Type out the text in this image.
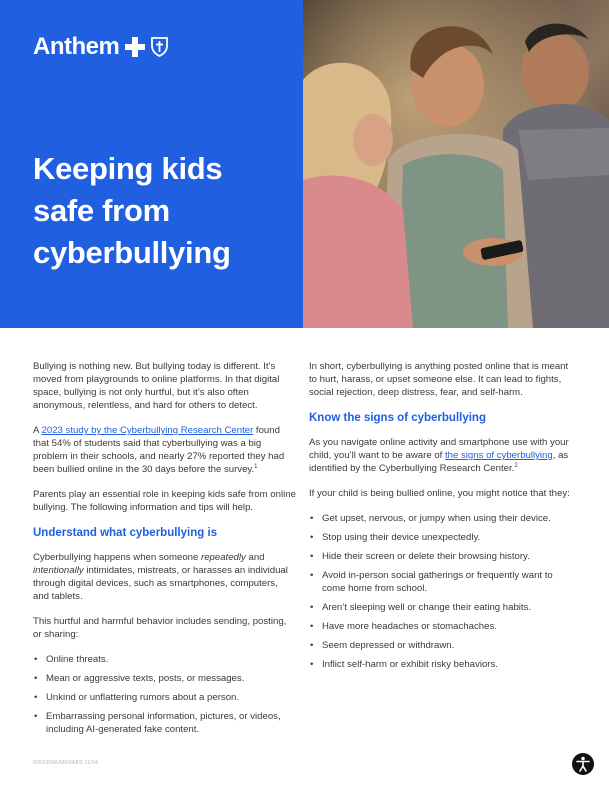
Anthem
Keeping kids
safe from
cyberbullying

Bullying is nothing new. But bullying today is different. It’s moved from playgrounds to online platforms. In that digital space, bullying is not only hurtful, but it’s also often anonymous, relentless, and hard for others to detect.

A 2023 study by the Cyberbullying Research Center found that 54% of students said that cyberbullying was a big problem in their schools, and nearly 27% reported they had been bullied online in the 30 days before the survey.$^1$

Parents play an essential role in keeping kids safe from online bullying. The following information and tips will help.

Understand what cyberbullying is

Cyberbullying happens when someone repeatedly and intentionally intimidates, mistreats, or harasses an individual through digital devices, such as smartphones, computers, and tablets.

This hurtful and harmful behavior includes sending, posting, or sharing:

• Online threats.
• Mean or aggressive texts, posts, or messages.
• Unkind or unflattering rumors about a person.
• Embarrassing personal information, pictures, or videos, including AI-generated fake content.

In short, cyberbullying is anything posted online that is meant to hurt, harass, or upset someone else. It can lead to fights, social rejection, deep distress, fear, and self-harm.

Know the signs of cyberbullying

As you navigate online activity and smartphone use with your child, you’ll want to be aware of the signs of cyberbullying, as identified by the Cyberbullying Research Center.$^2$

If your child is being bullied online, you might notice that they:

• Get upset, nervous, or jumpy when using their device.
• Stop using their device unexpectedly.
• Hide their screen or delete their browsing history.
• Avoid in-person social gatherings or frequently want to come home from school.
• Aren’t sleeping well or change their eating habits.
• Have more headaches or stomachaches.
• Seem depressed or withdrawn.
• Inflict self-harm or exhibit risky behaviors.
505935MUMENABS 11/24
